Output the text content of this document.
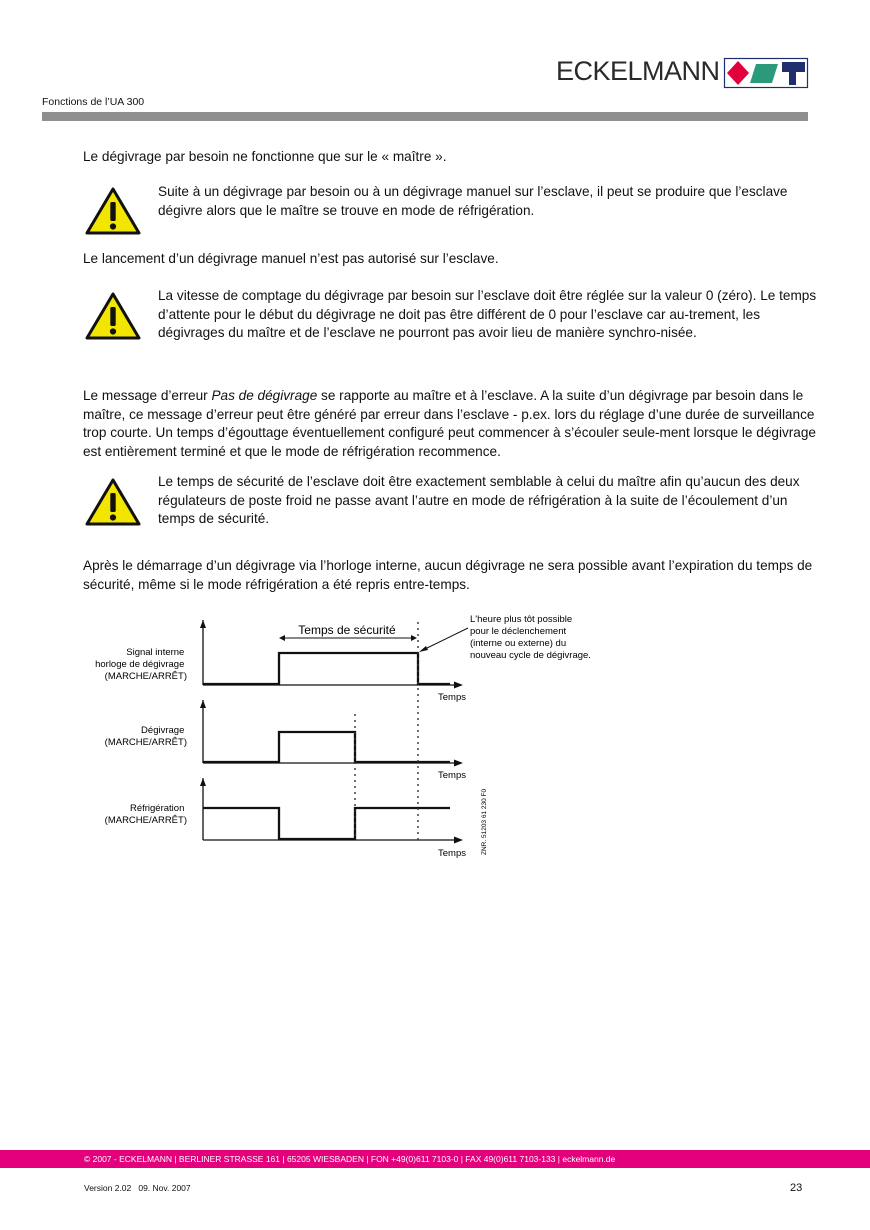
ECKELMANN
Fonctions de l’UA 300

Le dégivrage par besoin ne fonctionne que sur le « maître ».

Suite à un dégivrage par besoin ou à un dégivrage manuel sur l’esclave, il peut se produire que l’esclave dégivre alors que le maître se trouve en mode de réfrigération.

Le lancement d’un dégivrage manuel n’est pas autorisé sur l’esclave.

La vitesse de comptage du dégivrage par besoin sur l’esclave doit être réglée sur la valeur 0 (zéro). Le temps d’attente pour le début du dégivrage ne doit pas être différent de 0 pour l’esclave car au-trement, les dégivrages du maître et de l’esclave ne pourront pas avoir lieu de manière synchro-nisée.

Le message d’erreur Pas de dégivrage se rapporte au maître et à l’esclave. A la suite d’un dégivrage par besoin dans le maître, ce message d’erreur peut être généré par erreur dans l’esclave - p.ex. lors du réglage d’une durée de surveillance trop courte. Un temps d’égouttage éventuellement configuré peut commencer à s’écouler seule-ment lorsque le dégivrage est entièrement terminé et que le mode de réfrigération recommence.

Le temps de sécurité de l’esclave doit être exactement semblable à celui du maître afin qu’aucun des deux régulateurs de poste froid ne passe avant l’autre en mode de réfrigération à la suite de l’écoulement d’un temps de sécurité.

Après le démarrage d’un dégivrage via l’horloge interne, aucun dégivrage ne sera possible avant l’expiration du temps de sécurité, même si le mode réfrigération a été repris entre-temps.

Signal interne horloge de dégivrage (MARCHE/ARRÊT)
Temps
Temps de sécurité
L'heure plus tôt possible pour le déclenchement (interne ou externe) du nouveau cycle de dégivrage.
Dégivrage (MARCHE/ARRÊT)
Temps
Réfrigération (MARCHE/ARRÊT)
Temps ZNR. 51203 61 230 F0
© 2007 - ECKELMANN | BERLINER STRASSE 161 | 65205 WIESBADEN | FON +49(0)611 7103-0 | FAX 49(0)611 7103-133 | eckelmann.de
Version 2.02   09. Nov. 2007	23
